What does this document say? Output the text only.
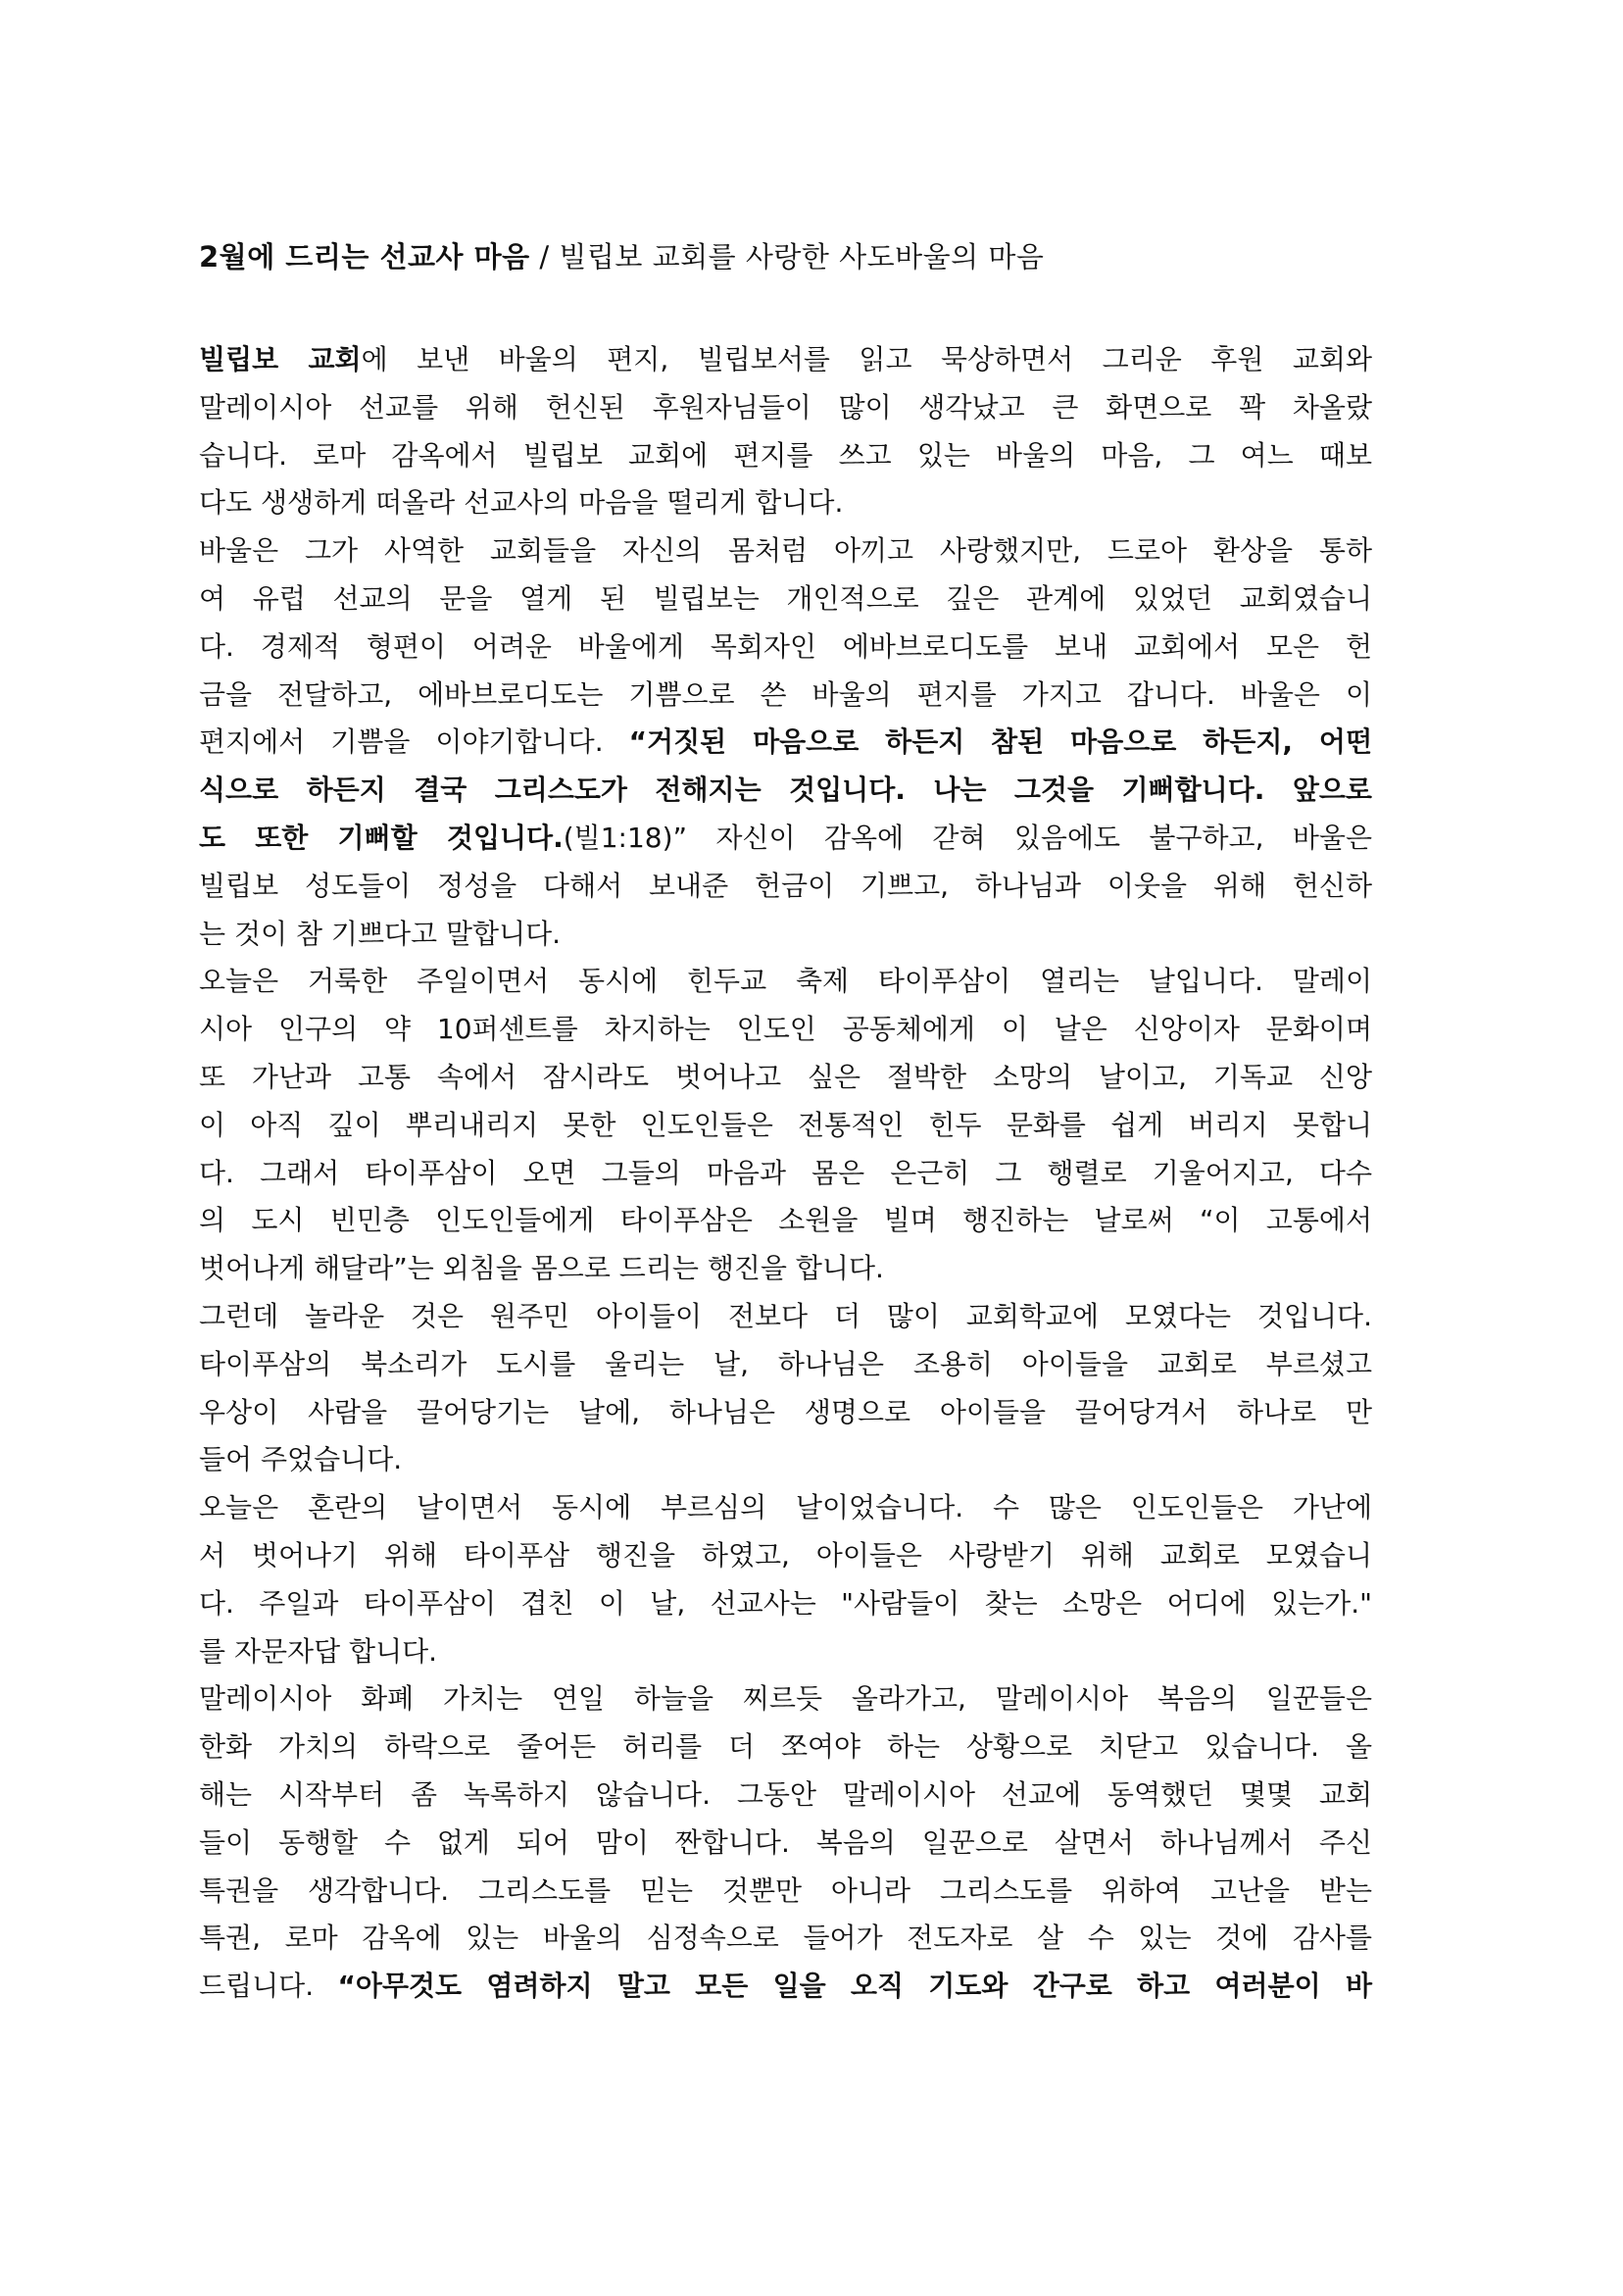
2월에 드리는 선교사 마음 / 빌립보 교회를 사랑한 사도바울의 마음
빌립보 교회에 보낸 바울의 편지, 빌립보서를 읽고 묵상하면서 그리운 후원 교회와
말레이시아 선교를 위해 헌신된 후원자님들이 많이 생각났고 큰 화면으로 꽉 차올랐
습니다. 로마 감옥에서 빌립보 교회에 편지를 쓰고 있는 바울의 마음, 그 여느 때보
다도 생생하게 떠올라 선교사의 마음을 떨리게 합니다.
바울은 그가 사역한 교회들을 자신의 몸처럼 아끼고 사랑했지만, 드로아 환상을 통하
여 유럽 선교의 문을 열게 된 빌립보는 개인적으로 깊은 관계에 있었던 교회였습니
다. 경제적 형편이 어려운 바울에게 목회자인 에바브로디도를 보내 교회에서 모은 헌
금을 전달하고, 에바브로디도는 기쁨으로 쓴 바울의 편지를 가지고 갑니다. 바울은 이
편지에서 기쁨을 이야기합니다. “거짓된 마음으로 하든지 참된 마음으로 하든지, 어떤
식으로 하든지 결국 그리스도가 전해지는 것입니다. 나는 그것을 기뻐합니다. 앞으로
도 또한 기뻐할 것입니다.(빌1:18)” 자신이 감옥에 갇혀 있음에도 불구하고, 바울은
빌립보 성도들이 정성을 다해서 보내준 헌금이 기쁘고, 하나님과 이웃을 위해 헌신하
는 것이 참 기쁘다고 말합니다.
오늘은 거룩한 주일이면서 동시에 힌두교 축제 타이푸삼이 열리는 날입니다. 말레이
시아 인구의 약 10퍼센트를 차지하는 인도인 공동체에게 이 날은 신앙이자 문화이며
또 가난과 고통 속에서 잠시라도 벗어나고 싶은 절박한 소망의 날이고, 기독교 신앙
이 아직 깊이 뿌리내리지 못한 인도인들은 전통적인 힌두 문화를 쉽게 버리지 못합니
다. 그래서 타이푸삼이 오면 그들의 마음과 몸은 은근히 그 행렬로 기울어지고, 다수
의 도시 빈민층 인도인들에게 타이푸삼은 소원을 빌며 행진하는 날로써 “이 고통에서
벗어나게 해달라”는 외침을 몸으로 드리는 행진을 합니다.
그런데 놀라운 것은 원주민 아이들이 전보다 더 많이 교회학교에 모였다는 것입니다.
타이푸삼의 북소리가 도시를 울리는 날, 하나님은 조용히 아이들을 교회로 부르셨고
우상이 사람을 끌어당기는 날에, 하나님은 생명으로 아이들을 끌어당겨서 하나로 만
들어 주었습니다.
오늘은 혼란의 날이면서 동시에 부르심의 날이었습니다. 수 많은 인도인들은 가난에
서 벗어나기 위해 타이푸삼 행진을 하였고, 아이들은 사랑받기 위해 교회로 모였습니
다. 주일과 타이푸삼이 겹친 이 날, 선교사는 "사람들이 찾는 소망은 어디에 있는가."
를 자문자답 합니다.
말레이시아 화폐 가치는 연일 하늘을 찌르듯 올라가고, 말레이시아 복음의 일꾼들은
한화 가치의 하락으로 줄어든 허리를 더 쪼여야 하는 상황으로 치닫고 있습니다. 올
해는 시작부터 좀 녹록하지 않습니다. 그동안 말레이시아 선교에 동역했던 몇몇 교회
들이 동행할 수 없게 되어 맘이 짠합니다. 복음의 일꾼으로 살면서 하나님께서 주신
특권을 생각합니다. 그리스도를 믿는 것뿐만 아니라 그리스도를 위하여 고난을 받는
특권, 로마 감옥에 있는 바울의 심정속으로 들어가 전도자로 살 수 있는 것에 감사를
드립니다. “아무것도 염려하지 말고 모든 일을 오직 기도와 간구로 하고 여러분이 바
